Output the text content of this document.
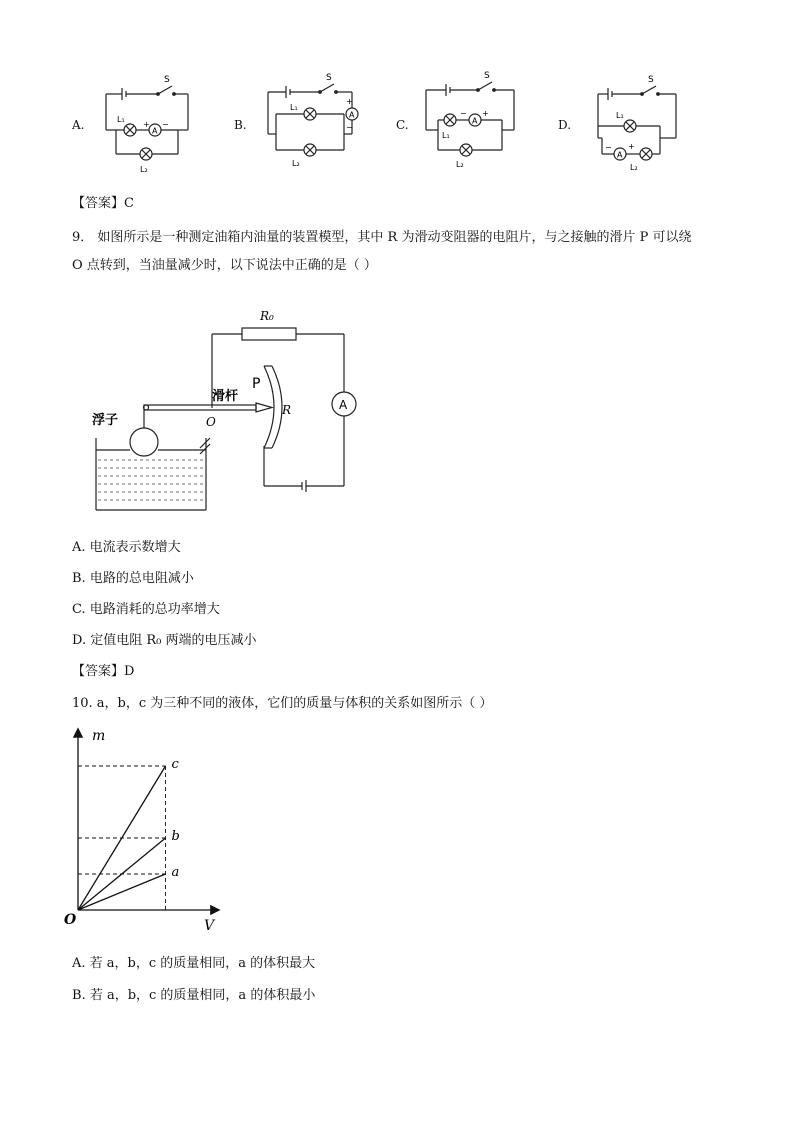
A.
S
A
+ −
L₁
L₂
B.
S
A
+
−
L₁
L₂
C.
S
A
− +
L₁
L₂
D.
S
A
− +
L₁
L₂
【答案】C
9． 如图所示是一种测定油箱内油量的装置模型，其中 R 为滑动变阻器的电阻片，与之接触的滑片 P 可以绕
O 点转到，当油量减少时，以下说法中正确的是（ ）
R₀
P
滑杆
O
R	A
浮子
A. 电流表示数增大
B. 电路的总电阻减小
C. 电路消耗的总功率增大
D. 定值电阻 R₀ 两端的电压减小
【答案】D
10. a，b，c 为三种不同的液体，它们的质量与体积的关系如图所示（ ）
a
b
c
m
V
O
A. 若 a，b，c 的质量相同，a 的体积最大
B. 若 a，b，c 的质量相同，a 的体积最小
